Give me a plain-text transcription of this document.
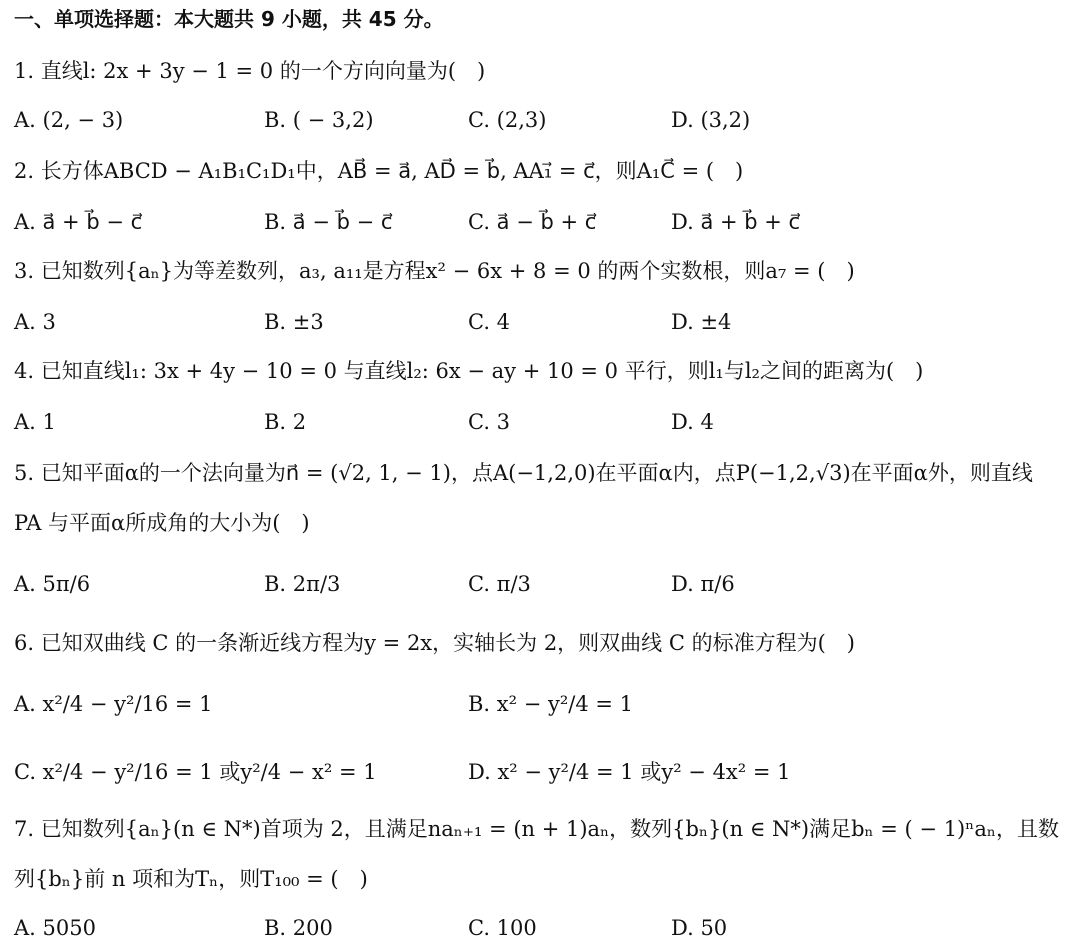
一、单项选择题：本大题共 9 小题，共 45 分。
1. 直线l: 2x + 3y − 1 = 0 的一个方向向量为(　)
A. (2, − 3)	B. ( − 3,2)	C. (2,3)	D. (3,2)
2. 长方体ABCD − A₁B₁C₁D₁中，AB⃗ = a⃗, AD⃗ = b⃗, AA₁⃗ = c⃗，则A₁C⃗ = (　)
A. a⃗ + b⃗ − c⃗	B. a⃗ − b⃗ − c⃗	C. a⃗ − b⃗ + c⃗	D. a⃗ + b⃗ + c⃗
3. 已知数列{aₙ}为等差数列，a₃, a₁₁是方程x² − 6x + 8 = 0 的两个实数根，则a₇ = (　)
A. 3	B. ±3	C. 4	D. ±4
4. 已知直线l₁: 3x + 4y − 10 = 0 与直线l₂: 6x − ay + 10 = 0 平行，则l₁与l₂之间的距离为(　)
A. 1	B. 2	C. 3	D. 4
5. 已知平面α的一个法向量为n⃗ = (√2, 1, − 1)，点A(−1,2,0)在平面α内，点P(−1,2,√3)在平面α外，则直线
PA 与平面α所成角的大小为(　)
A. 5π/6	B. 2π/3	C. π/3	D. π/6
6. 已知双曲线 C 的一条渐近线方程为y = 2x，实轴长为 2，则双曲线 C 的标准方程为(　)
A. x²/4 − y²/16 = 1	B. x² − y²/4 = 1
C. x²/4 − y²/16 = 1 或y²/4 − x² = 1	D. x² − y²/4 = 1 或y² − 4x² = 1
7. 已知数列{aₙ}(n ∈ N*)首项为 2，且满足naₙ₊₁ = (n + 1)aₙ，数列{bₙ}(n ∈ N*)满足bₙ = ( − 1)ⁿaₙ，且数
列{bₙ}前 n 项和为Tₙ，则T₁₀₀ = (　)
A. 5050	B. 200	C. 100	D. 50
